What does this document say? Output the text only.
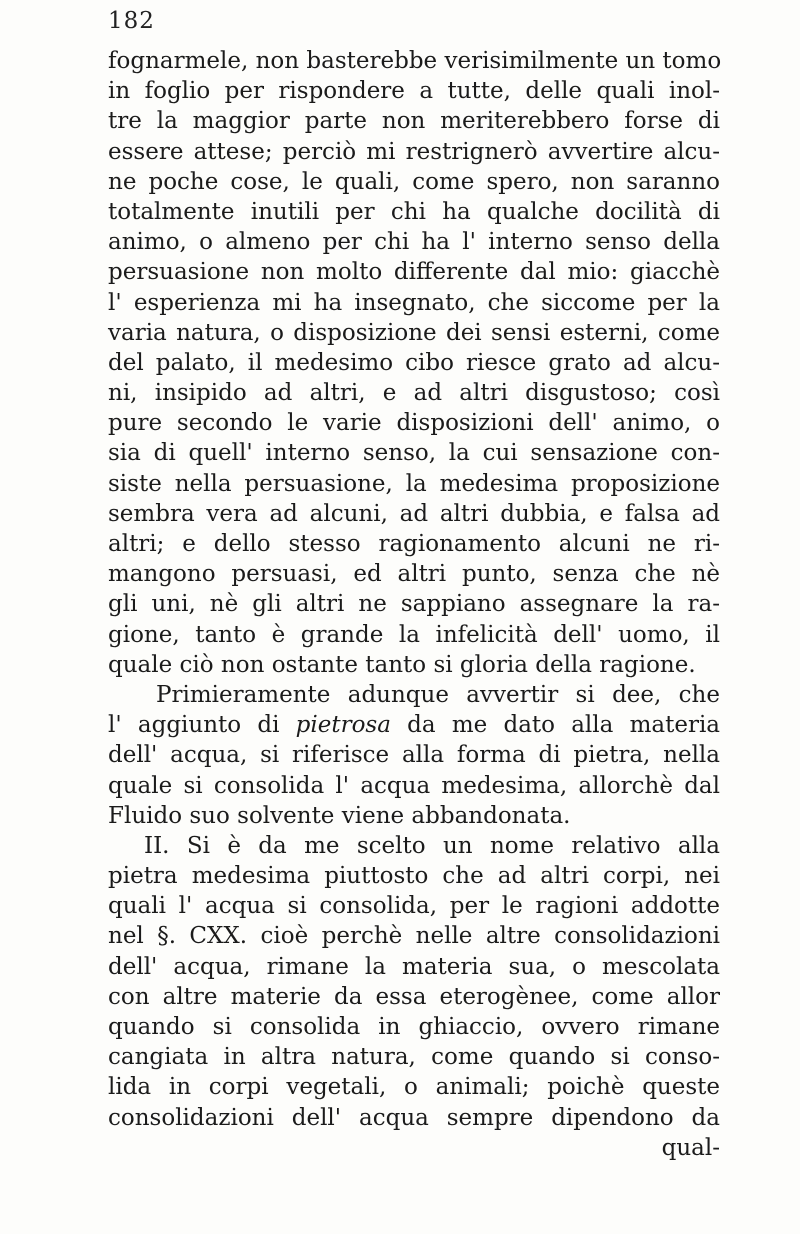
182
fognarmele, non basterebbe verisimilmente un tomo
in foglio per rispondere a tutte, delle quali inol-
tre la maggior parte non meriterebbero forse di
essere attese; perciò mi restrignerò avvertire alcu-
ne poche cose, le quali, come spero, non saranno
totalmente inutili per chi ha qualche docilità di
animo, o almeno per chi ha l' interno senso della
persuasione non molto differente dal mio: giacchè
l' esperienza mi ha insegnato, che siccome per la
varia natura, o disposizione dei sensi esterni, come
del palato, il medesimo cibo riesce grato ad alcu-
ni, insipido ad altri, e ad altri disgustoso; così
pure secondo le varie disposizioni dell' animo, o
sia di quell' interno senso, la cui sensazione con-
siste nella persuasione, la medesima proposizione
sembra vera ad alcuni, ad altri dubbia, e falsa ad
altri; e dello stesso ragionamento alcuni ne ri-
mangono persuasi, ed altri punto, senza che nè
gli uni, nè gli altri ne sappiano assegnare la ra-
gione, tanto è grande la infelicità dell' uomo, il
quale ciò non ostante tanto si gloria della ragione.
Primieramente adunque avvertir si dee, che
l' aggiunto di pietrosa da me dato alla materia
dell' acqua, si riferisce alla forma di pietra, nella
quale si consolida l' acqua medesima, allorchè dal
Fluido suo solvente viene abbandonata.
II. Si è da me scelto un nome relativo alla
pietra medesima piuttosto che ad altri corpi, nei
quali l' acqua si consolida, per le ragioni addotte
nel §. CXX. cioè perchè nelle altre consolidazioni
dell' acqua, rimane la materia sua, o mescolata
con altre materie da essa eterogènee, come allor
quando si consolida in ghiaccio, ovvero rimane
cangiata in altra natura, come quando si conso-
lida in corpi vegetali, o animali; poichè queste
consolidazioni dell' acqua sempre dipendono da
qual-
